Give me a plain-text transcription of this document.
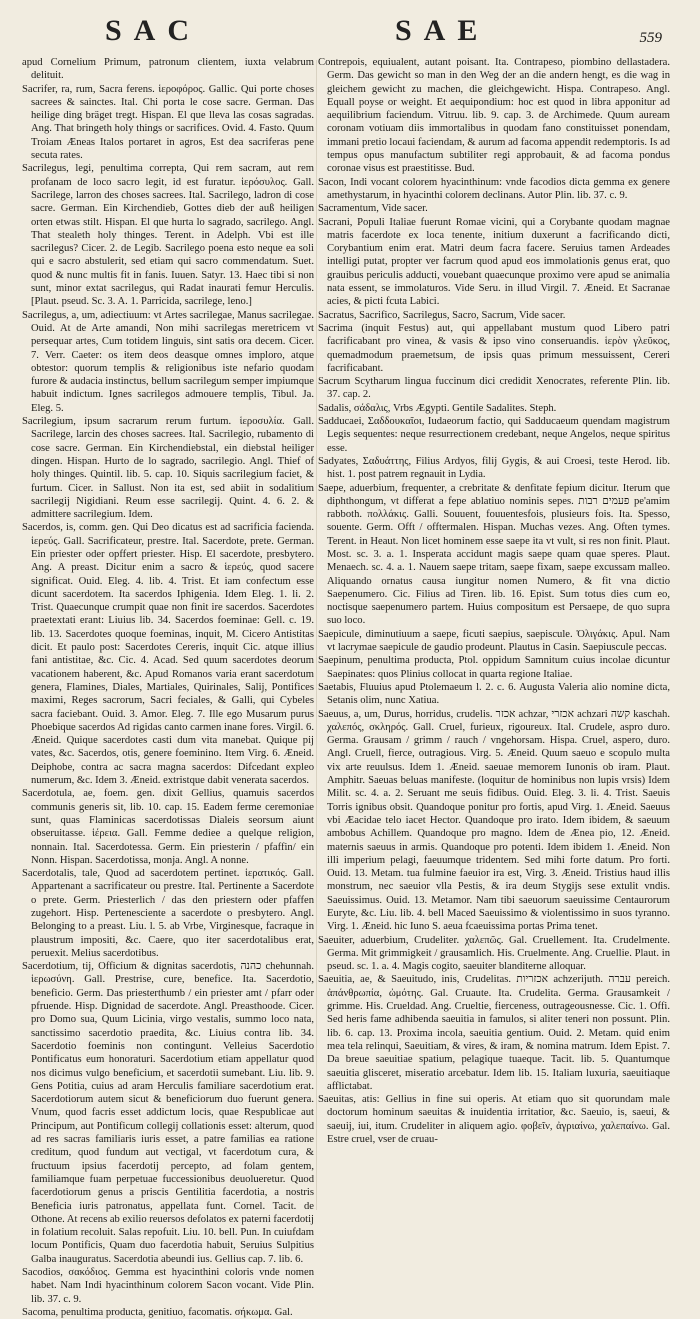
SAC	SAE	559

apud Cornelium Primum, patronum clientem, iuxta velabrum delituit.

Sacrifer, ra, rum, Sacra ferens. ἱεροφόρος. Gallic. Qui porte choses sacrees & sainctes. Ital. Chi porta le cose sacre. German. Das heilige ding bräget tregt. Hispan. El que lleva las cosas sagradas. Ang. That bringeth holy things or sacrifices. Ovid. 4. Fasto. Quum Troiam Æneas Italos portaret in agros, Est dea sacriferas pene secuta rates.

Sacrilegus, legi, penultima correpta, Qui rem sacram, aut rem profanam de loco sacro legit, id est furatur. ἱερόσυλος. Gall. Sacrilege, larron des choses sacrees. Ital. Sacrilego, ladron di cose sacre. German. Ein Kirchendieb, Gottes dieb der auß heiligen orten etwas stilt. Hispan. El que hurta lo sagrado, sacrilego. Angl. That stealeth holy thinges. Terent. in Adelph. Vbi est ille sacrilegus? Cicer. 2. de Legib. Sacrilego poena esto neque ea soli qui e sacro abstulerit, sed etiam qui sacro commendatum. Suet. quod & nunc multis fit in fanis. Iuuen. Satyr. 13. Haec tibi si non sunt, minor extat sacrilegus, qui Radat inaurati femur Herculis. [Plaut. pseud. Sc. 3. A. 1. Parricida, sacrilege, leno.]

Sacrilegus, a, um, adiectiuum: vt Artes sacrilegae, Manus sacrilegae. Ouid. At de Arte amandi, Non mihi sacrilegas meretricem vt persequar artes, Cum totidem linguis, sint satis ora decem. Cicer. 7. Verr. Caeter: os item deos deasque omnes imploro, atque obtestor: quorum templis & religionibus iste nefario quodam furore & audacia instinctus, bellum sacrilegum semper impiumque habuit indictum. Ignes sacrilegos admouere templis, Tibul. Ja. Eleg. 5.

Sacrilegium, ipsum sacrarum rerum furtum. ἱεροσυλία. Gall. Sacrilege, larcin des choses sacrees. Ital. Sacrilegio, rubamento di cose sacre. German. Ein Kirchendiebstal, ein diebstal heiliger dingen. Hispan. Hurto de lo sagrado, sacrilegio. Angl. Thief of holy thinges. Quintil. lib. 5. cap. 10. Siquis sacrilegium faciet, & furtum. Cicer. in Sallust. Non ita est, sed abiit in sodalitium sacrilegij Nigidiani. Reum esse sacrilegij. Quint. 4. 6. 2. & admittere sacrilegium. Idem.

Sacerdos, is, comm. gen. Qui Deo dicatus est ad sacrificia facienda. ἱερεύς. Gall. Sacrificateur, prestre. Ital. Sacerdote, prete. German. Ein priester oder opffert priester. Hisp. El sacerdote, presbytero. Ang. A preast. Dicitur enim a sacro & ἱερεύς, quod sacere significat. Ouid. Eleg. 4. lib. 4. Trist. Et iam confectum esse dicunt sacerdotem. Ita sacerdos Iphigenia. Idem Eleg. 1. li. 2. Trist. Quaecunque crumpit quae non finit ire sacerdos. Sacerdotes praetextati erant: Liuius lib. 34. Sacerdos foeminae: Gell. c. 19. lib. 13. Sacerdotes quoque foeminas, inquit, M. Cicero Antistitas dicit. Et paulo post: Sacerdotes Cereris, inquit Cic. atque illius fani antistitae, &c. Cic. 4. Acad. Sed quum sacerdotes deorum vacationem haberent, &c. Apud Romanos varia erant sacerdotum genera, Flamines, Diales, Martiales, Quirinales, Salij, Pontifices maximi, Reges sacrorum, Sacri feciales, & Galli, qui Cybeles sacra faciebant. Ouid. 3. Amor. Eleg. 7. Ille ego Musarum purus Phoebique sacerdos Ad rigidas canto carmen inane fores. Virgil. 6. Æneid. Quique sacerdotes casti dum vita manebat. Quique pij vates, &c. Sacerdos, otis, genere foeminino. Item Virg. 6. Æneid. Deiphobe, contra ac sacra magna sacerdos: Difcedant expleo numerum, &c. Idem 3. Æneid. extristque dabit venerata sacerdos.

Sacerdotula, ae, foem. gen. dixit Gellius, quamuis sacerdos communis generis sit, lib. 10. cap. 15. Eadem ferme ceremoniae sunt, quas Flaminicas sacerdotissas Dialeis seorsum aiunt obseruitasse. ἱέρεια. Gall. Femme dediee a quelque religion, nonnain. Ital. Sacerdotessa. Germ. Ein priesterin / pfaffin/ ein Nonn. Hispan. Sacerdotissa, monja. Angl. A nonne.

Sacerdotalis, tale, Quod ad sacerdotem pertinet. ἱερατικός. Gall. Appartenant a sacrificateur ou prestre. Ital. Pertinente a Sacerdote o prete. Germ. Priesterlich / das den priestern oder pfaffen zugehort. Hisp. Pertenesciente a sacerdote o presbytero. Angl. Belonging to a preast. Liu. l. 5. ab Vrbe, Virginesque, facraque in plaustrum impositi, &c. Caere, quo iter sacerdotalibus erat, peruexit. Melius sacerdotibus.

Sacerdotium, tij, Officium & dignitas sacerdotis, כהנה chehunnah. ἱερωσύνη. Gall. Prestrise, cure, benefice. Ita. Sacerdotio, beneficio. Germ. Das priesterthumb / ein priester amt / pfarr oder pfruende. Hisp. Dignidad de sacerdote. Angl. Preasthoode. Cicer. pro Domo sua, Quum Licinia, virgo vestalis, summo loco nata, sanctissimo sacerdotio praedita, &c. Liuius contra lib. 34. Sacerdotio foeminis non contingunt. Velleius Sacerdotio Pontificatus eum honoraturi. Sacerdotium etiam appellatur quod nos dicimus vulgo beneficium, et sacerdotii sumebant. Liu. lib. 9. Gens Potitia, cuius ad aram Herculis familiare sacerdotium erat. Sacerdotiorum autem sicut & beneficiorum duo fuerunt genera. Vnum, quod facris esset addictum locis, quae Respublicae aut Principum, aut Pontificum collegij collationis esset: alterum, quod ad res sacras familiaris iuris esset, a patre familias ea ratione creditum, quod fundum aut vectigal, vt facerdotum cura, & fructuum ipsius facerdotij percepto, ad folam gentem, familiamque fuam perpetuae fuccessionibus deuolueretur. Quod facerdotiorum genus a priscis Gentilitia facerdotia, a nostris Beneficia iuris patronatus, appellata funt. Cornel. Tacit. de Othone. At recens ab exilio reuersos defolatos ex paterni facerdotij in folatium recoluit. Salas repofuit. Liu. 10. bell. Pun. In cuiufdam locum Pontificis, Quam duo facerdotia habuit, Seruius Sulpitius Galba inauguratus. Sacerdotia abeundi ius. Gellius cap. 7. lib. 6.

Sacodios, σακόδιος. Gemma est hyacinthini coloris vnde nomen habet. Nam Indi hyacinthinum colorem Sacon vocant. Vide Plin. lib. 37. c. 9.

Sacoma, penultima producta, genitiuo, facomatis. σήκωμα. Gal.

Contrepois, equiualent, autant poisant. Ita. Contrapeso, piombino dellastadera. Germ. Das gewicht so man in den Weg der an die andern hengt, es die wag in gleichem gewicht zu machen, die gleichgewicht. Hispa. Contrapeso. Angl. Equall poyse or weight. Et aequipondium: hoc est quod in libra apponitur ad aequilibrium faciendum. Vitruu. lib. 9. cap. 3. de Archimede. Quum auream coronam votiuam diis immortalibus in quodam fano constituisset ponendam, immani pretio locaui faciendam, & aurum ad facoma appendit redemptoris. Is ad tempus opus manufactum subtiliter regi approbauit, & ad facoma pondus coronae visus est praestitisse. Bud.

Sacon, Indi vocant colorem hyacinthinum: vnde facodios dicta gemma ex genere amethystarum, in hyacinthi colorem declinans. Autor Plin. lib. 37. c. 9.

Sacramentum, Vide sacer.

Sacrani, Populi Italiae fuerunt Romae vicini, qui a Corybante quodam magnae matris facerdote ex loca tenente, initium duxerunt a facrificando dicti, Corybantium enim erat. Matri deum facra facere. Seruius tamen Ardeades intelligi putat, propter ver facrum quod apud eos immolationis genus erat, quo grauibus periculis adducti, vouebant quaecunque proximo vere apud se animalia nata essent, se immolaturos. Vide Seru. in illud Virgil. 7. Æneid. Et Sacranae acies, & picti fcuta Labici.

Sacratus, Sacrifico, Sacrilegus, Sacro, Sacrum, Vide sacer.

Sacrima (inquit Festus) aut, qui appellabant mustum quod Libero patri facrificabant pro vinea, & vasis & ipso vino conseruandis. ἱερὸν γλεῦκος, quemadmodum praemetsum, de ipsis quas primum messuissent, Cereri facrificabant.

Sacrum Scytharum lingua fuccinum dici credidit Xenocrates, referente Plin. lib. 37. cap. 2.

Sadalis, σάδαλις, Vrbs Ægypti. Gentile Sadalites. Steph.

Sadducaei, Σαδδουκαῖοι, Iudaeorum factio, qui Sadducaeum quendam magistrum Legis sequentes: neque resurrectionem credebant, neque Angelos, neque spiritus esse.

Sadyates, Σαδυάττης, Filius Ardyos, filij Gygis, & aui Croesi, teste Herod. lib. hist. 1. post patrem regnauit in Lydia.

Saepe, aduerbium, frequenter, a crebritate & denfitate fepium dicitur. Iterum que diphthongum, vt differat a fepe ablatiuo nominis sepes. פעמים רבות pe'amim rabboth. πολλάκις. Galli. Souuent, fouuentesfois, plusieurs fois. Ita. Spesso, souente. Germ. Offt / offtermalen. Hispan. Muchas vezes. Ang. Often tymes. Terent. in Heaut. Non licet hominem esse saepe ita vt vult, si res non finit. Plaut. Most. sc. 3. a. 1. Insperata accidunt magis saepe quam quae speres. Plaut. Menaech. sc. 4. a. 1. Nauem saepe tritam, saepe fixam, saepe excussam malleo. Aliquando ornatus causa iungitur nomen Numero, & fit vna dictio Saepenumero. Cic. Filius ad Tiren. lib. 16. Epist. Sum totus dies cum eo, noctisque saepenumero partem. Huius compositum est Persaepe, de quo supra suo loco.

Saepicule, diminutiuum a saepe, ficuti saepius, saepiscule. Ὀλιγάκις. Apul. Nam vt lacrymae saepicule de gaudio prodeunt. Plautus in Casin. Saepiuscule peccas.

Saepinum, penultima producta, Ptol. oppidum Samnitum cuius incolae dicuntur Saepinates: quos Plinius collocat in quarta regione Italiae.

Saetabis, Fluuius apud Ptolemaeum l. 2. c. 6. Augusta Valeria alio nomine dicta, Setanis olim, nunc Xatiua.

Saeuus, a, um, Durus, horridus, crudelis. אכזר achzar, אכזרי achzari קשה kaschah. χαλεπός, σκληρός. Gall. Cruel, furieux, rigoureux. Ital. Crudele, aspro duro. Germa. Grausam / grimm / rauch / vngehorsam. Hispa. Cruel, aspero, duro. Angl. Cruell, fierce, outragious. Virg. 5. Æneid. Quum saeuo e scopulo multa vix arte reuulsus. Idem 1. Æneid. saeuae memorem Iunonis ob iram. Plaut. Amphitr. Saeuas beluas manifeste. (loquitur de hominibus non lupis vrsis) Idem Milit. sc. 4. a. 2. Seruant me seuis fidibus. Ouid. Eleg. 3. li. 4. Trist. Saeuis Torris ignibus obsit. Quandoque ponitur pro fortis, apud Virg. 1. Æneid. Saeuus vbi Æacidae telo iacet Hector. Quandoque pro irato. Idem ibidem, & saeuum ambobus Achillem. Quandoque pro magno. Idem de Ænea pio, 12. Æneid. maternis saeuus in armis. Quandoque pro potenti. Idem ibidem 1. Æneid. Non illi imperium pelagi, faeuumque tridentem. Sed mihi forte datum. Pro forti. Ouid. 13. Metam. tua fulmine faeuior ira est, Virg. 3. Æneid. Tristius haud illis monstrum, nec saeuior vlla Pestis, & ira deum Stygijs sese extulit vndis. Saeuissimus. Ouid. 13. Metamor. Nam tibi saeuorum saeuissime Centaurorum Euryte, &c. Liu. lib. 4. bell Maced Saeuissimo & violentissimo in suos tyranno. Virg. 1. Æneid. hic Iuno S. aeua fcaeuissima portas Prima tenet.

Saeuiter, aduerbium, Crudeliter. χαλεπῶς. Gal. Cruellement. Ita. Crudelmente. Germa. Mit grimmigkeit / grausamlich. His. Cruelmente. Ang. Cruellie. Plaut. in pseud. sc. 1. a. 4. Magis cogito, saeuiter blanditerne alloquar.

Saeuitia, ae, & Saeuitudo, inis, Crudelitas. אכזריות achzerijuth. עברה pereich. ἀπάνθρωπία, ὠμότης. Gal. Cruaute. Ita. Crudelita. Germa. Grausamkeit / grimme. His. Crueldad. Ang. Crueltie, fierceness, outrageousnesse. Cic. 1. Offi. Sed heris fame adhibenda saeuitia in famulos, si aliter teneri non possunt. Plin. lib. 6. cap. 13. Proxima incola, saeuitia gentium. Ouid. 2. Metam. quid enim mea tela relinqui, Saeuitiam, & vires, & iram, & nomina matrum. Idem Epist. 7. Da breue saeuitiae spatium, pelagique tuaeque. Tacit. lib. 5. Quantumque saeuitia glisceret, miseratio arcebatur. Idem lib. 15. Italiam luxuria, saeuitiaque afflictabat.

Saeuitas, atis: Gellius in fine sui operis. At etiam quo sit quorundam male doctorum hominum saeuitas & inuidentia irritatior, &c. Saeuio, is, saeui, & saeuij, iui, itum. Crudeliter in aliquem agio. φοβεῖν, ἀγριαίνω, χαλεπαίνω. Gal. Estre cruel, vser de cruau-
